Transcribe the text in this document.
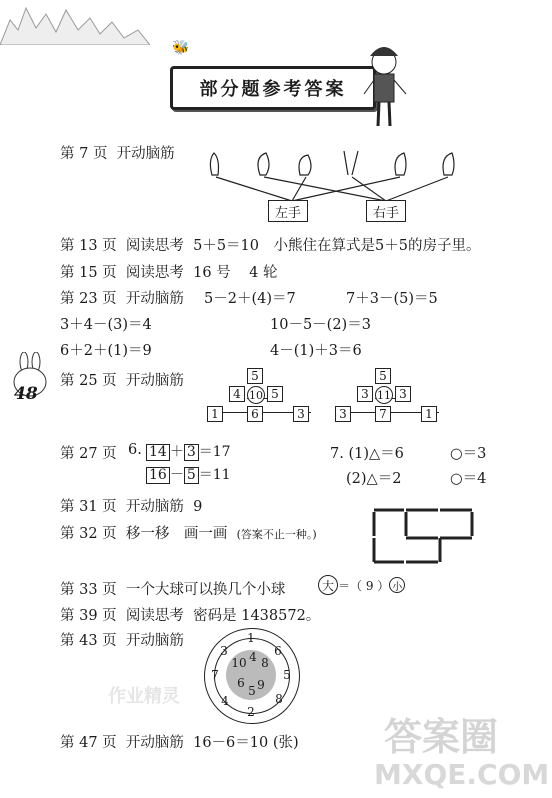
🐝
部分题参考答案
第 7 页 开动脑筋
左手	右手
第 13 页 阅读思考 5＋5＝10　小熊住在算式是5＋5的房子里。
第 15 页 阅读思考 16 号 4 轮
第 23 页 开动脑筋 5－2＋(4)＝7	7＋3－(5)＝5
3＋4－(3)＝4	10－5－(2)＝3
6＋2＋(1)＝9	4－(1)＋3＝6
48
第 25 页 开动脑筋	5
4 10 5
1	6	3
5
3 11 3
3	7	1
第 27 页 6. 14 ＋ 3 ＝17
16 － 5 ＝11
7. (1)△＝6	○＝3
(2)△＝2	○＝4
第 31 页 开动脑筋 9
第 32 页 移一移　画一画 (答案不止一种。)
第 33 页 一个大球可以换几个小球	大 ＝（ 9 ） 小
第 39 页 阅读思考 密码是 1438572。
第 43 页 开动脑筋	1
6
5
8
2
4
7
3
10 4 8
9
5
6
第 47 页 开动脑筋 16－6＝10 (张)
作业精灵
答案圈
MXQE.COM
